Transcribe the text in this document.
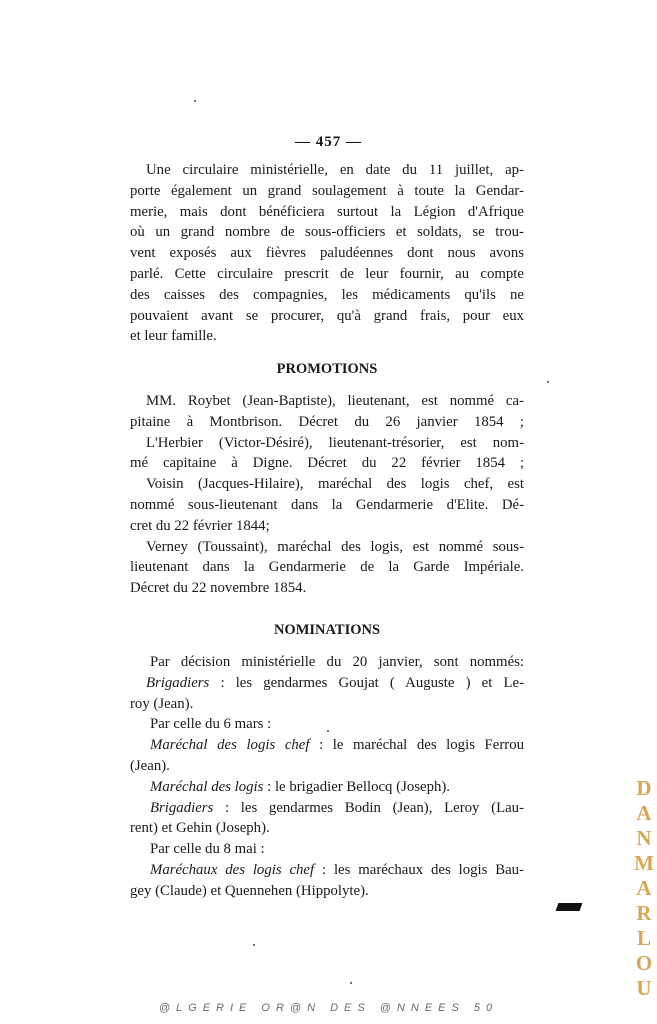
— 457 —
Une circulaire ministérielle, en date du 11 juillet, ap-
porte également un grand soulagement à toute la Gendar-
merie, mais dont bénéficiera surtout la Légion d'Afrique
où un grand nombre de sous-officiers et soldats, se trou-
vent exposés aux fièvres paludéennes dont nous avons
parlé. Cette circulaire prescrit de leur fournir, au compte
des caisses des compagnies, les médicaments qu'ils ne
pouvaient avant se procurer, qu'à grand frais, pour eux
et leur famille.
PROMOTIONS
MM. Roybet (Jean-Baptiste), lieutenant, est nommé ca-
pitaine à Montbrison. Décret du 26 janvier 1854 ;
L'Herbier (Victor-Désiré), lieutenant-trésorier, est nom-
mé capitaine à Digne. Décret du 22 février 1854 ;
Voisin (Jacques-Hilaire), maréchal des logis chef, est
nommé sous-lieutenant dans la Gendarmerie d'Elite. Dé-
cret du 22 février 1844;
Verney (Toussaint), maréchal des logis, est nommé sous-
lieutenant dans la Gendarmerie de la Garde Impériale.
Décret du 22 novembre 1854.
NOMINATIONS
Par décision ministérielle du 20 janvier, sont nommés:
Brigadiers : les gendarmes Goujat ( Auguste ) et Le-
roy (Jean).
Par celle du 6 mars :
Maréchal des logis chef : le maréchal des logis Ferrou
(Jean).
Maréchal des logis : le brigadier Bellocq (Joseph).
Brigadiers : les gendarmes Bodin (Jean), Leroy (Lau-
rent) et Gehin (Joseph).
Par celle du 8 mai :
Maréchaux des logis chef : les maréchaux des logis Bau-
gey (Claude) et Quennehen (Hippolyte).
D
A
N
M
A
R
L
O
U
@LGERIE OR@N DES @NNEES 50
